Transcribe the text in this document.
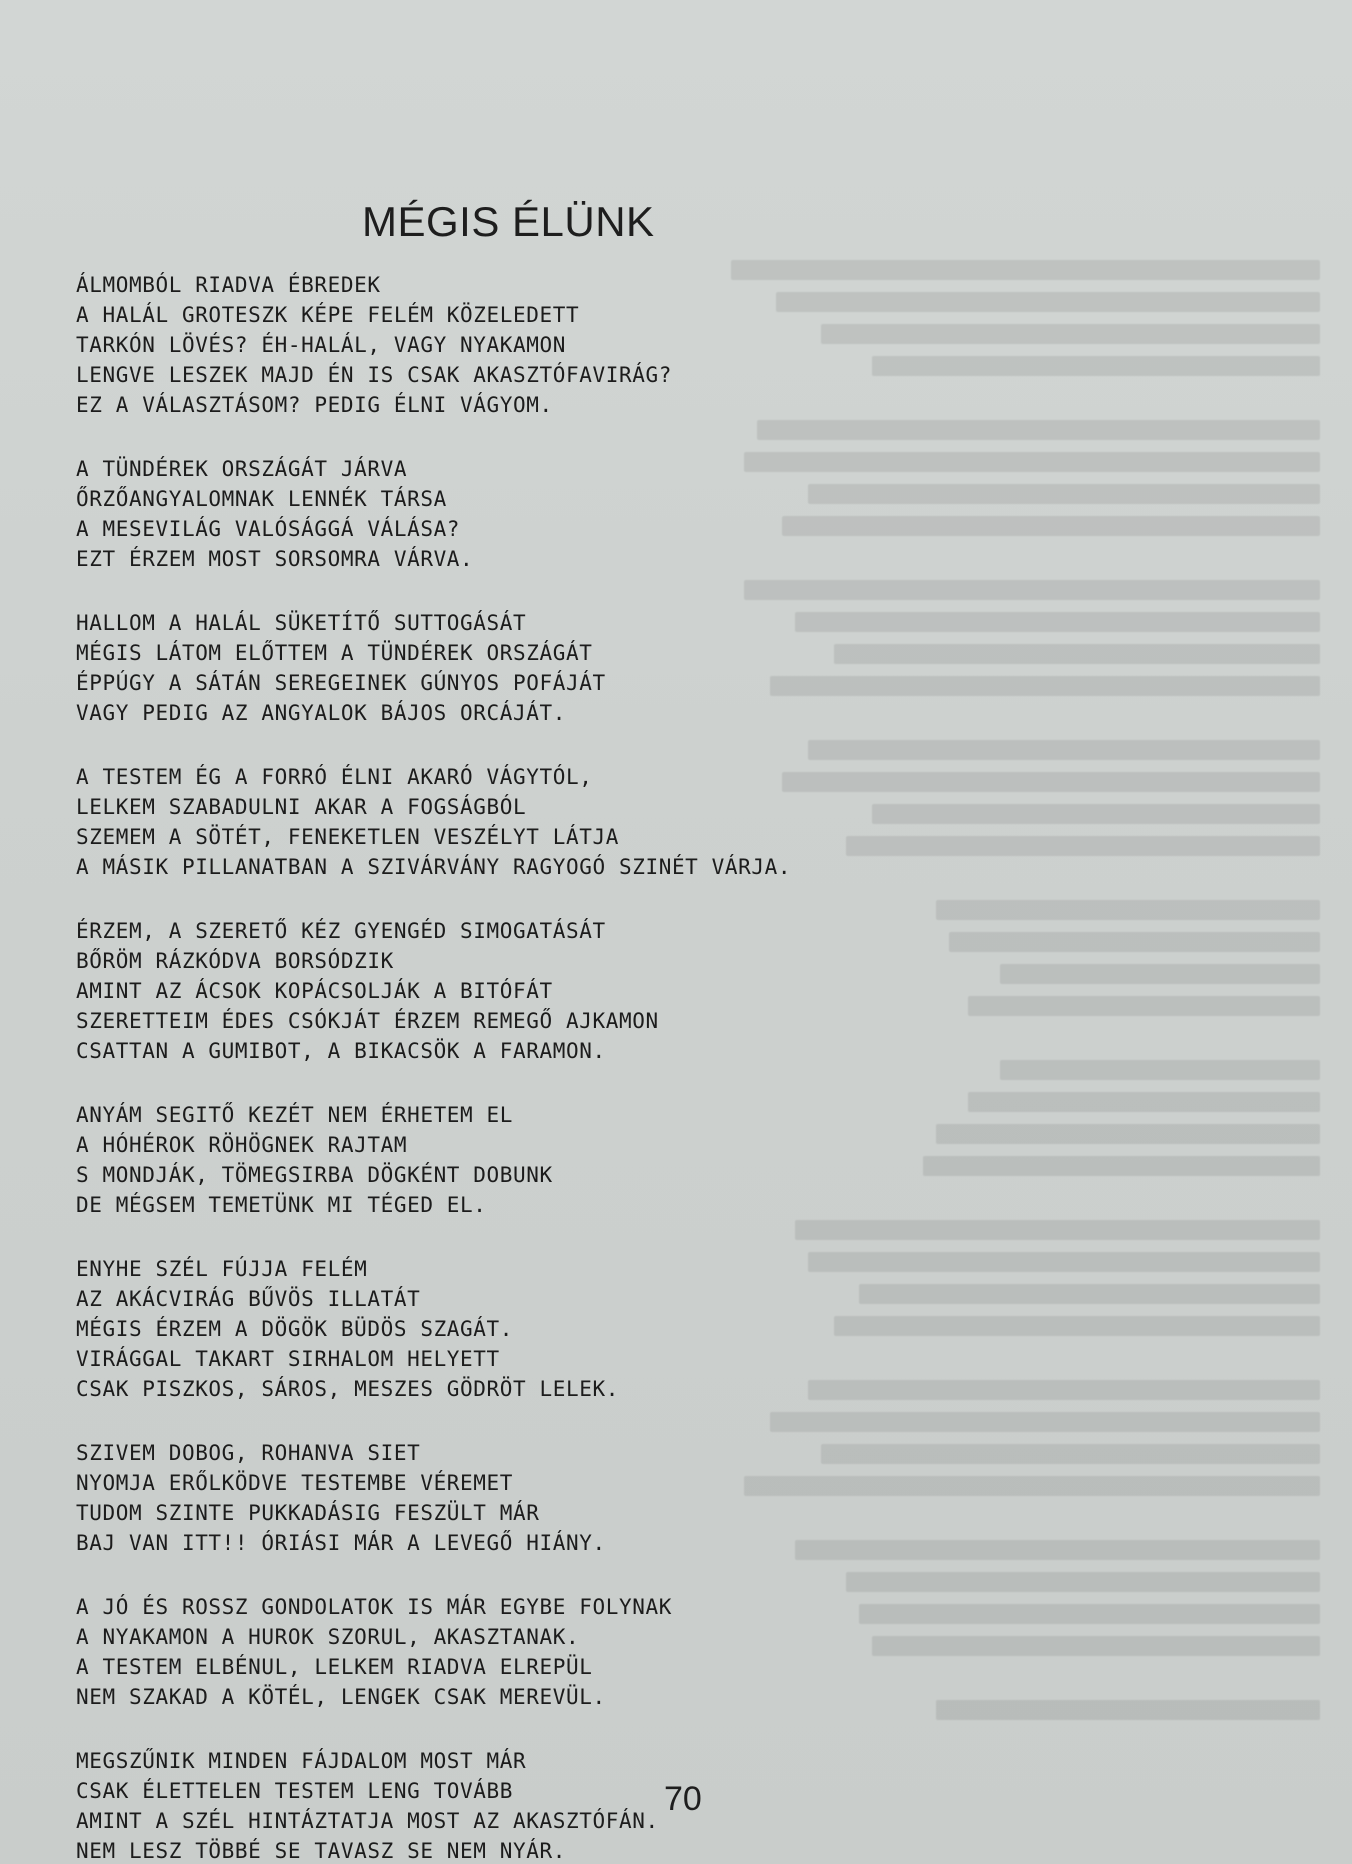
MÉGIS ÉLÜNK
ÁLMOMBÓL RIADVA ÉBREDEK
A HALÁL GROTESZK KÉPE FELÉM KÖZELEDETT
TARKÓN LÖVÉS? ÉH-HALÁL, VAGY NYAKAMON
LENGVE LESZEK MAJD ÉN IS CSAK AKASZTÓFAVIRÁG?
EZ A VÁLASZTÁSOM? PEDIG ÉLNI VÁGYOM.
A TÜNDÉREK ORSZÁGÁT JÁRVA
ŐRZŐANGYALOMNAK LENNÉK TÁRSA
A MESEVILÁG VALÓSÁGGÁ VÁLÁSA?
EZT ÉRZEM MOST SORSOMRA VÁRVA.
HALLOM A HALÁL SÜKETÍTŐ SUTTOGÁSÁT
MÉGIS LÁTOM ELŐTTEM A TÜNDÉREK ORSZÁGÁT
ÉPPÚGY A SÁTÁN SEREGEINEK GÚNYOS POFÁJÁT
VAGY PEDIG AZ ANGYALOK BÁJOS ORCÁJÁT.
A TESTEM ÉG A FORRÓ ÉLNI AKARÓ VÁGYTÓL,
LELKEM SZABADULNI AKAR A FOGSÁGBÓL
SZEMEM A SÖTÉT, FENEKETLEN VESZÉLYT LÁTJA
A MÁSIK PILLANATBAN A SZIVÁRVÁNY RAGYOGÓ SZINÉT VÁRJA.
ÉRZEM, A SZERETŐ KÉZ GYENGÉD SIMOGATÁSÁT
BŐRÖM RÁZKÓDVA BORSÓDZIK
AMINT AZ ÁCSOK KOPÁCSOLJÁK A BITÓFÁT
SZERETTEIM ÉDES CSÓKJÁT ÉRZEM REMEGŐ AJKAMON
CSATTAN A GUMIBOT, A BIKACSÖK A FARAMON.
ANYÁM SEGITŐ KEZÉT NEM ÉRHETEM EL
A HÓHÉROK RÖHÖGNEK RAJTAM
S MONDJÁK, TÖMEGSIRBA DÖGKÉNT DOBUNK
DE MÉGSEM TEMETÜNK MI TÉGED EL.
ENYHE SZÉL FÚJJA FELÉM
AZ AKÁCVIRÁG BŰVÖS ILLATÁT
MÉGIS ÉRZEM A DÖGÖK BÜDÖS SZAGÁT.
VIRÁGGAL TAKART SIRHALOM HELYETT
CSAK PISZKOS, SÁROS, MESZES GÖDRÖT LELEK.
SZIVEM DOBOG, ROHANVA SIET
NYOMJA ERŐLKÖDVE TESTEMBE VÉREMET
TUDOM SZINTE PUKKADÁSIG FESZÜLT MÁR
BAJ VAN ITT!! ÓRIÁSI MÁR A LEVEGŐ HIÁNY.
A JÓ ÉS ROSSZ GONDOLATOK IS MÁR EGYBE FOLYNAK
A NYAKAMON A HUROK SZORUL, AKASZTANAK.
A TESTEM ELBÉNUL, LELKEM RIADVA ELREPÜL
NEM SZAKAD A KÖTÉL, LENGEK CSAK MEREVÜL.
MEGSZŰNIK MINDEN FÁJDALOM MOST MÁR
CSAK ÉLETTELEN TESTEM LENG TOVÁBB
AMINT A SZÉL HINTÁZTATJA MOST AZ AKASZTÓFÁN.
NEM LESZ TÖBBÉ SE TAVASZ SE NEM NYÁR.
70
